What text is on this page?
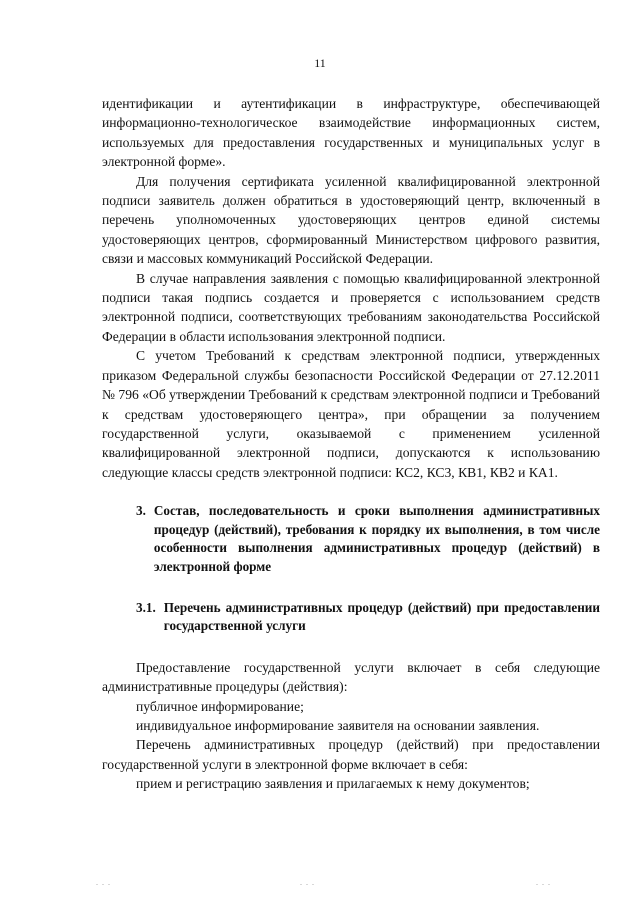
11

идентификации и аутентификации в инфраструктуре, обеспечивающей информационно-технологическое взаимодействие информационных систем, используемых для предоставления государственных и муниципальных услуг в электронной форме».

Для получения сертификата усиленной квалифицированной электронной подписи заявитель должен обратиться в удостоверяющий центр, включенный в перечень уполномоченных удостоверяющих центров единой системы удостоверяющих центров, сформированный Министерством цифрового развития, связи и массовых коммуникаций Российской Федерации.

В случае направления заявления с помощью квалифицированной электронной подписи такая подпись создается и проверяется с использованием средств электронной подписи, соответствующих требованиям законодательства Российской Федерации в области использования электронной подписи.

С учетом Требований к средствам электронной подписи, утвержденных приказом Федеральной службы безопасности Российской Федерации от 27.12.2011 № 796 «Об утверждении Требований к средствам электронной подписи и Требований к средствам удостоверяющего центра», при обращении за получением государственной услуги, оказываемой с применением усиленной квалифицированной электронной подписи, допускаются к использованию следующие классы средств электронной подписи: КС2, КС3, КВ1, КВ2 и КА1.

3. Состав, последовательность и сроки выполнения административных процедур (действий), требования к порядку их выполнения, в том числе особенности выполнения административных процедур (действий) в электронной форме
3.1. Перечень административных процедур (действий) при предоставлении государственной услуги

Предоставление государственной услуги включает в себя следующие административные процедуры (действия):

публичное информирование;

индивидуальное информирование заявителя на основании заявления.

Перечень административных процедур (действий) при предоставлении государственной услуги в электронной форме включает в себя:

прием и регистрацию заявления и прилагаемых к нему документов;

. . .	. . .	. . .
